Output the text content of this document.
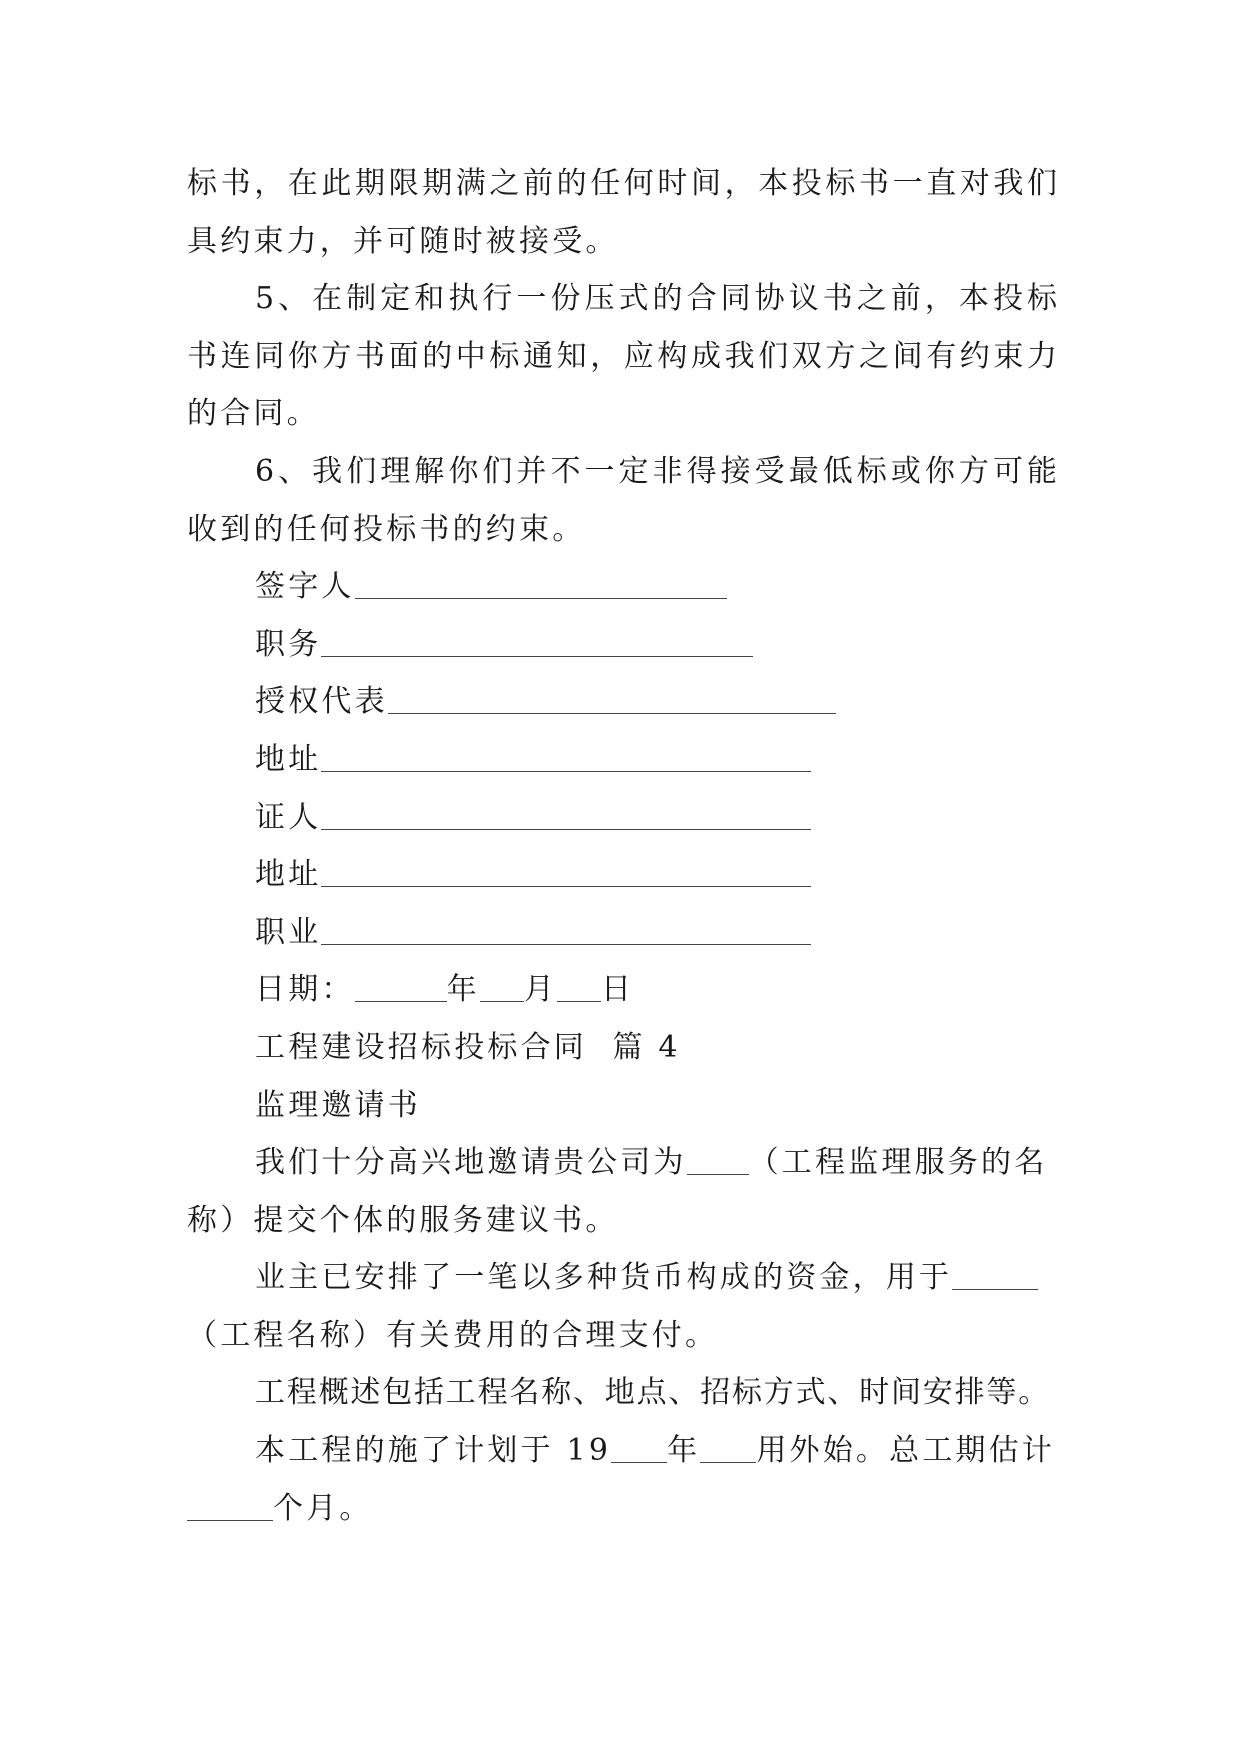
标书，在此期限期满之前的任何时间，本投标书一直对我们
具约束力，并可随时被接受。
5、在制定和执行一份压式的合同协议书之前，本投标
书连同你方书面的中标通知，应构成我们双方之间有约束力
的合同。
6、我们理解你们并不一定非得接受最低标或你方可能
收到的任何投标书的约束。
签字人
职务
授权代表
地址
证人
地址
职业
日期：	年 月 日
工程建设招标投标合同  篇 4
监理邀请书
我们十分高兴地邀请贵公司为 （工程监理服务的名
称）提交个体的服务建议书。
业主已安排了一笔以多种货币构成的资金，用于
（工程名称）有关费用的合理支付。
工程概述包括工程名称、地点、招标方式、时间安排等。
本工程的施了计划于 19 年 用外始。总工期估计
个月。
